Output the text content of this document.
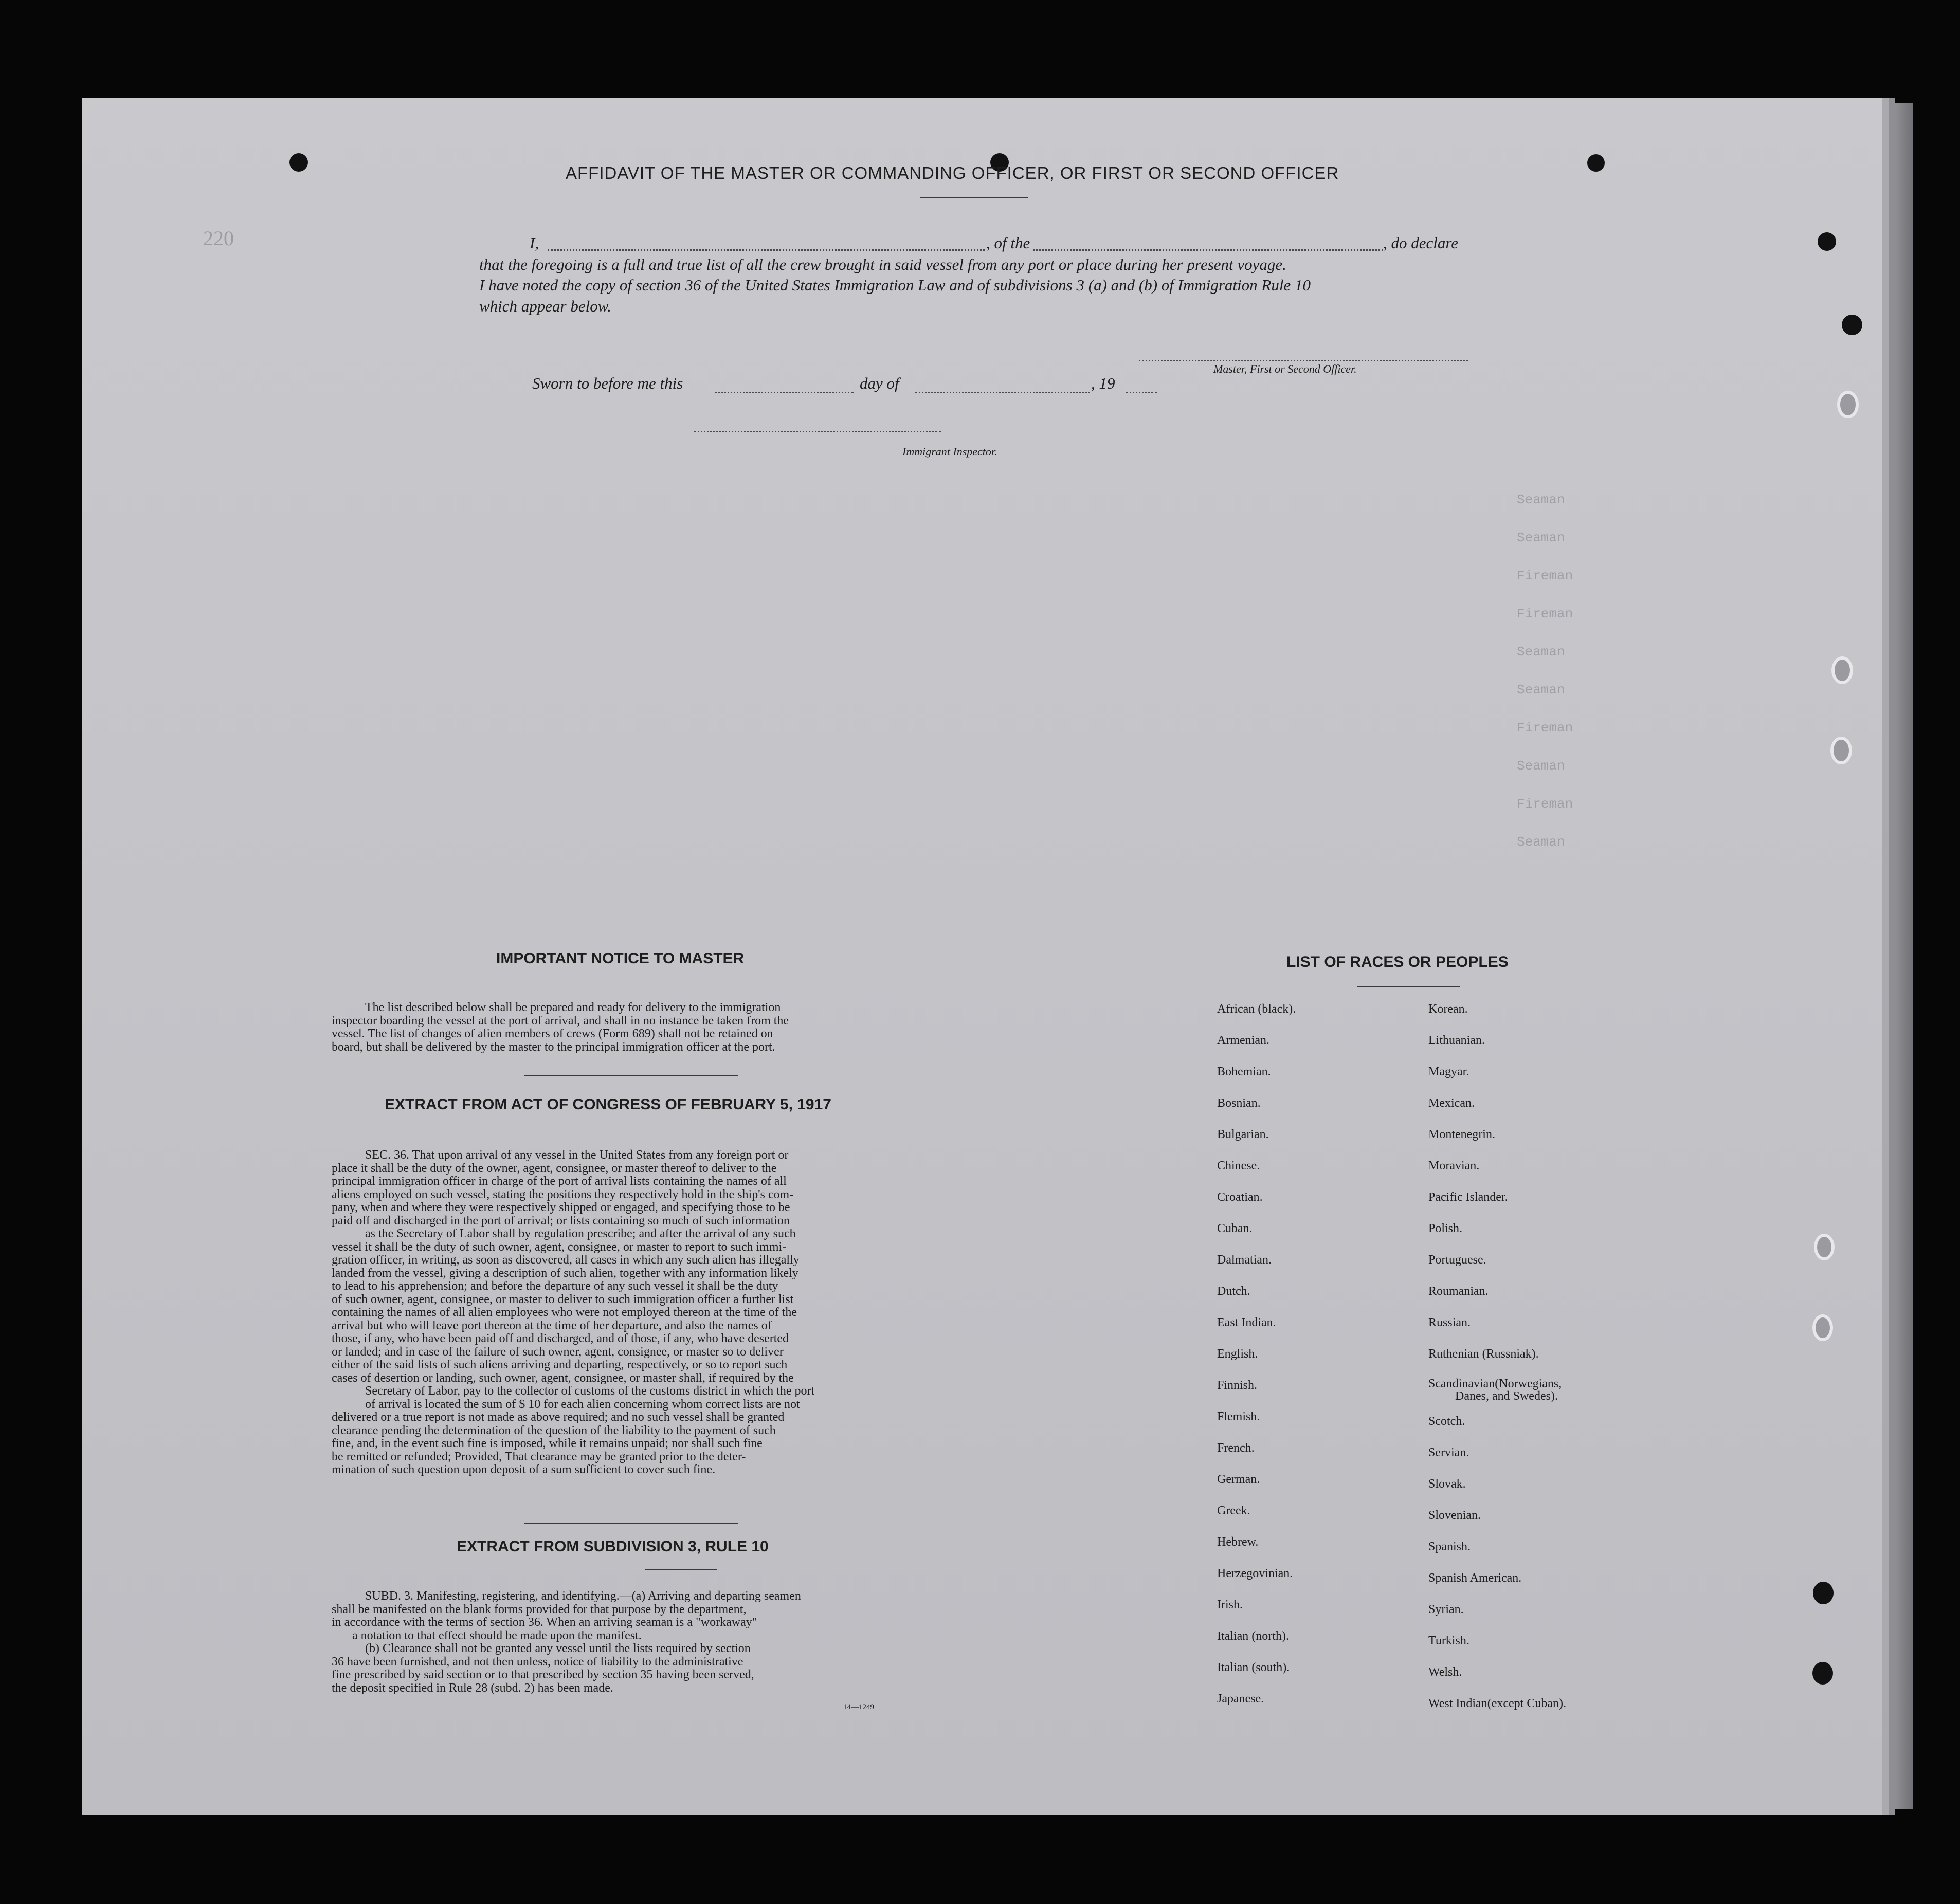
220
AFFIDAVIT OF THE MASTER OR COMMANDING OFFICER, OR FIRST OR SECOND OFFICER
I,	, of the	, do declare
that the foregoing is a full and true list of all the crew brought in said vessel from any port or place during her present voyage.
I have noted the copy of section 36 of the United States Immigration Law and of subdivisions 3 (a) and (b) of Immigration Rule 10
which appear below.
Master, First or Second Officer.
Sworn to before me this	day of	, 19
Immigrant Inspector.
Seaman
Seaman
Fireman
Fireman
Seaman
Seaman
Fireman
Seaman
Fireman
Seaman
IMPORTANT NOTICE TO MASTER
The list described below shall be prepared and ready for delivery to the immigration
inspector boarding the vessel at the port of arrival, and shall in no instance be taken from the
vessel. The list of changes of alien members of crews (Form 689) shall not be retained on
board, but shall be delivered by the master to the principal immigration officer at the port.
EXTRACT FROM ACT OF CONGRESS OF FEBRUARY 5, 1917
SEC. 36. That upon arrival of any vessel in the United States from any foreign port or
place it shall be the duty of the owner, agent, consignee, or master thereof to deliver to the
principal immigration officer in charge of the port of arrival lists containing the names of all
aliens employed on such vessel, stating the positions they respectively hold in the ship's com-
pany, when and where they were respectively shipped or engaged, and specifying those to be
paid off and discharged in the port of arrival; or lists containing so much of such information
as the Secretary of Labor shall by regulation prescribe; and after the arrival of any such
vessel it shall be the duty of such owner, agent, consignee, or master to report to such immi-
gration officer, in writing, as soon as discovered, all cases in which any such alien has illegally
landed from the vessel, giving a description of such alien, together with any information likely
to lead to his apprehension; and before the departure of any such vessel it shall be the duty
of such owner, agent, consignee, or master to deliver to such immigration officer a further list
containing the names of all alien employees who were not employed thereon at the time of the
arrival but who will leave port thereon at the time of her departure, and also the names of
those, if any, who have been paid off and discharged, and of those, if any, who have deserted
or landed; and in case of the failure of such owner, agent, consignee, or master so to deliver
either of the said lists of such aliens arriving and departing, respectively, or so to report such
cases of desertion or landing, such owner, agent, consignee, or master shall, if required by the
Secretary of Labor, pay to the collector of customs of the customs district in which the port
of arrival is located the sum of $ 10 for each alien concerning whom correct lists are not
delivered or a true report is not made as above required; and no such vessel shall be granted
clearance pending the determination of the question of the liability to the payment of such
fine, and, in the event such fine is imposed, while it remains unpaid; nor shall such fine
be remitted or refunded; Provided, That clearance may be granted prior to the deter-
mination of such question upon deposit of a sum sufficient to cover such fine.
EXTRACT FROM SUBDIVISION 3, RULE 10
SUBD. 3. Manifesting, registering, and identifying.—(a) Arriving and departing seamen
shall be manifested on the blank forms provided for that purpose by the department,
in accordance with the terms of section 36. When an arriving seaman is a "workaway"
a notation to that effect should be made upon the manifest.
(b) Clearance shall not be granted any vessel until the lists required by section
36 have been furnished, and not then unless, notice of liability to the administrative
fine prescribed by said section or to that prescribed by section 35 having been served,
the deposit specified in Rule 28 (subd. 2) has been made.
14—1249
LIST OF RACES OR PEOPLES
African (black).
Armenian.
Bohemian.
Bosnian.
Bulgarian.
Chinese.
Croatian.
Cuban.
Dalmatian.
Dutch.
East Indian.
English.
Finnish.
Flemish.
French.
German.
Greek.
Hebrew.
Herzegovinian.
Irish.
Italian (north).
Italian (south).
Japanese.
Korean.
Lithuanian.
Magyar.
Mexican.
Montenegrin.
Moravian.
Pacific Islander.
Polish.
Portuguese.
Roumanian.
Russian.
Ruthenian (Russniak).
Scandinavian(Norwegians,
Danes, and Swedes).
Scotch.
Servian.
Slovak.
Slovenian.
Spanish.
Spanish American.
Syrian.
Turkish.
Welsh.
West Indian(except Cuban).
